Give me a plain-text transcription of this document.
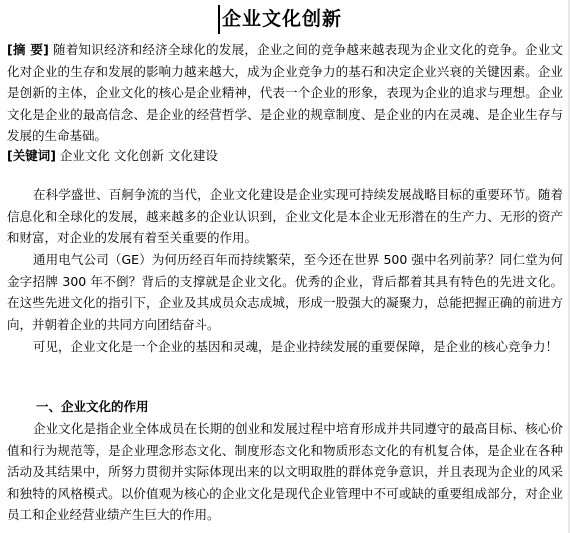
企业文化创新

[摘 要] 随着知识经济和经济全球化的发展，企业之间的竞争越来越表现为企业文化的竞争。企业文化对企业的生存和发展的影响力越来越大，成为企业竞争力的基石和决定企业兴衰的关键因素。企业是创新的主体，企业文化的核心是企业精神，代表一个企业的形象，表现为企业的追求与理想。企业文化是企业的最高信念、是企业的经营哲学、是企业的规章制度、是企业的内在灵魂、是企业生存与发展的生命基础。

[关键词] 企业文化 文化创新 文化建设

在科学盛世、百舸争流的当代，企业文化建设是企业实现可持续发展战略目标的重要环节。随着信息化和全球化的发展，越来越多的企业认识到，企业文化是本企业无形潜在的生产力、无形的资产和财富，对企业的发展有着至关重要的作用。

通用电气公司（GE）为何历经百年而持续繁荣，至今还在世界 500 强中名列前茅？同仁堂为何金字招牌 300 年不倒？背后的支撑就是企业文化。优秀的企业，背后都着其具有特色的先进文化。在这些先进文化的指引下，企业及其成员众志成城，形成一股强大的凝聚力，总能把握正确的前进方向，并朝着企业的共同方向团结奋斗。

可见，企业文化是一个企业的基因和灵魂，是企业持续发展的重要保障，是企业的核心竞争力！

一、企业文化的作用

企业文化是指企业全体成员在长期的创业和发展过程中培育形成并共同遵守的最高目标、核心价值和行为规范等，是企业理念形态文化、制度形态文化和物质形态文化的有机复合体，是企业在各种活动及其结果中，所努力贯彻并实际体现出来的以文明取胜的群体竞争意识，并且表现为企业的风采和独特的风格模式。以价值观为核心的企业文化是现代企业管理中不可或缺的重要组成部分，对企业员工和企业经营业绩产生巨大的作用。
